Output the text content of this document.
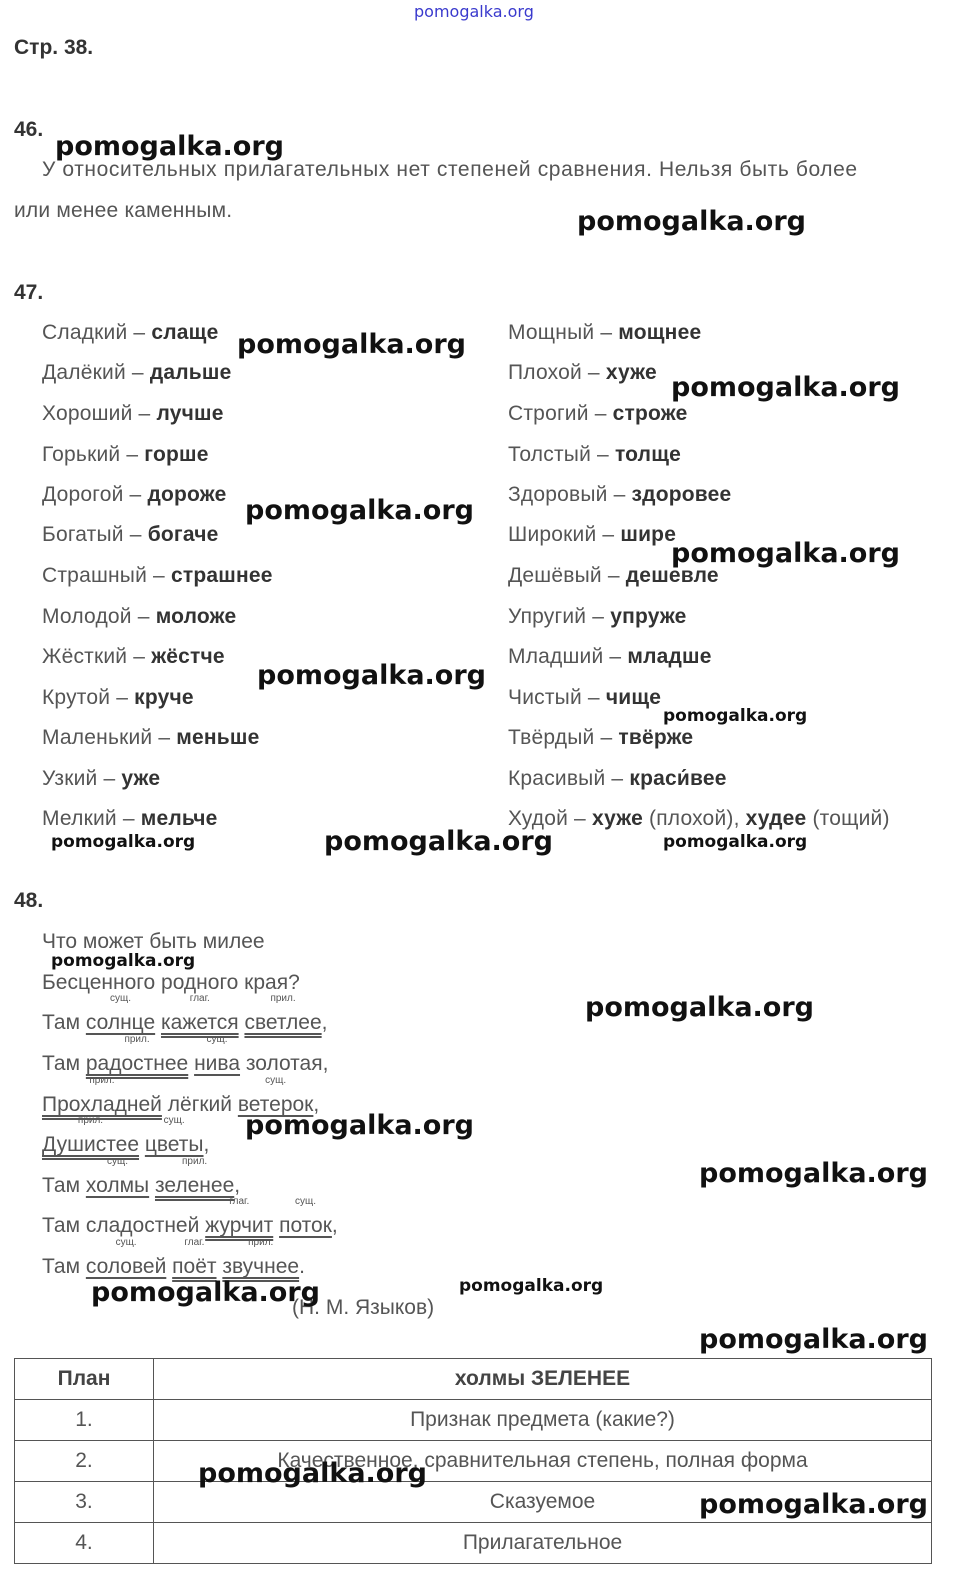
pomogalka.org
Стр. 38.
46.
У относительных прилагательных нет степеней сравнения. Нельзя быть более
или менее каменным.
47.
Сладкий – слаще
Далёкий – дальше
Хороший – лучше
Горький – горше
Дорогой – дороже
Богатый – богаче
Страшный – страшнее
Молодой – моложе
Жёсткий – жёстче
Крутой – круче
Маленький – меньше
Узкий – уже
Мелкий – мельче
Мощный – мощнее
Плохой – хуже
Строгий – строже
Толстый – толще
Здоровый – здоровее
Широкий – шире
Дешёвый – дешевле
Упругий – упруже
Младший – младше
Чистый – чище
Твёрдый – твёрже
Красивый – краси́вее
Худой – хуже (плохой), худее (тощий)
48.
Что может быть милее
Бесценного родного края?
Там
сущ.
солнце
глаг.
кажется
прил.
светлее,
Там
прил.
радостнее
сущ.
нива золотая,
прил.
Прохладней лёгкий
сущ.
ветерок,
прил.
Душистее
сущ.
цветы,
Там
сущ.
холмы
прил.
зеленее,
Там сладостней
глаг.
журчит
сущ.
поток,
Там
сущ.
соловей
глаг.
поёт
прил.
звучнее.
(Н. М. Языков)
План	холмы ЗЕЛЕНЕЕ
1.	Признак предмета (какие?)
2.	Качественное, сравнительная степень, полная форма
3.	Сказуемое
4.	Прилагательное
pomogalka.org
pomogalka.org
pomogalka.org
pomogalka.org
pomogalka.org
pomogalka.org
pomogalka.org
pomogalka.org
pomogalka.org	pomogalka.org	pomogalka.org
pomogalka.org
pomogalka.org
pomogalka.org
pomogalka.org
pomogalka.org	pomogalka.org
pomogalka.org
pomogalka.org
pomogalka.org
